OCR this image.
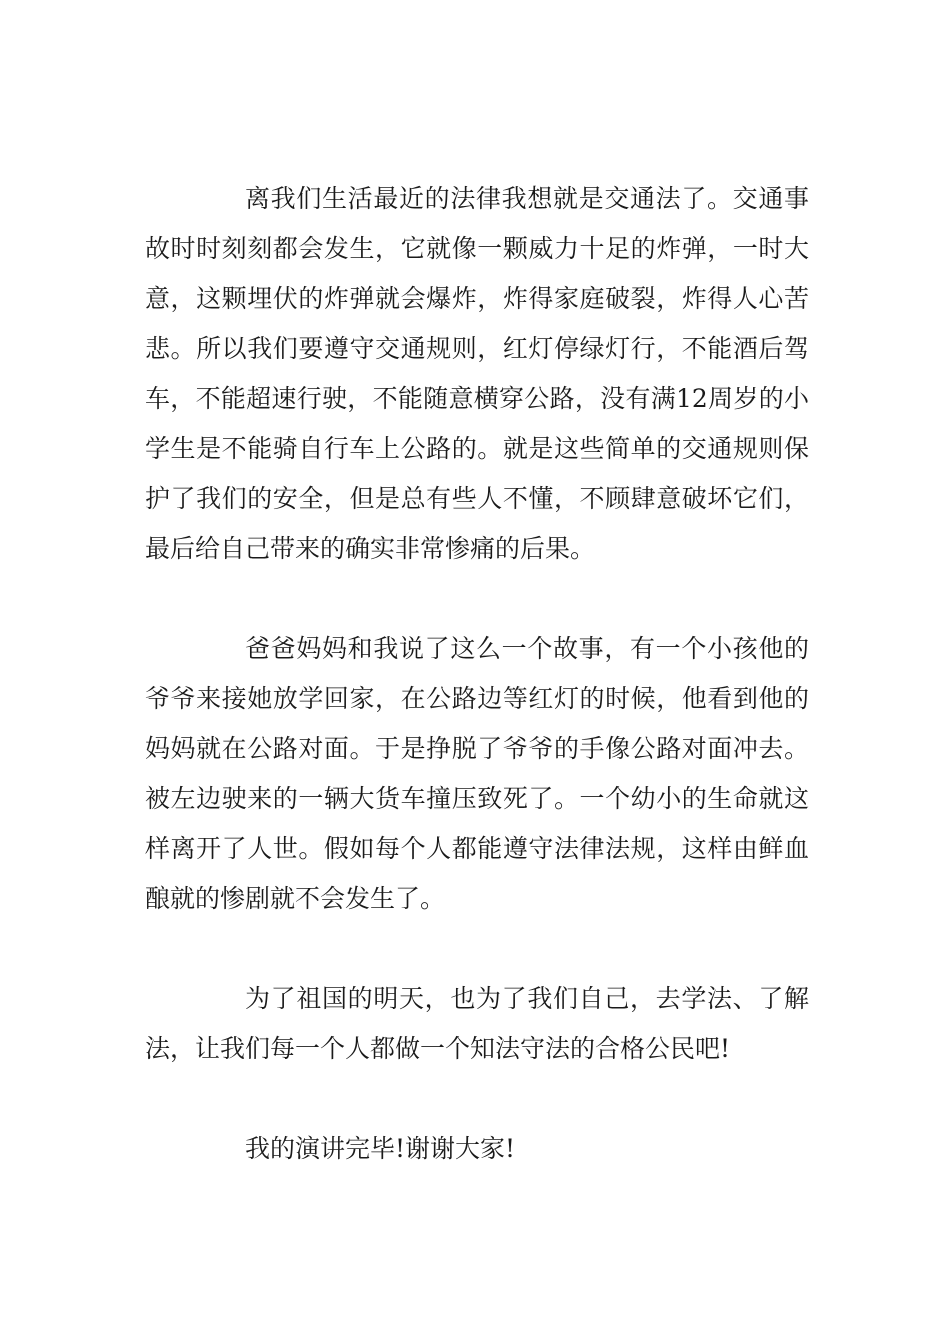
离我们生活最近的法律我想就是交通法了。交通事故时时刻刻都会发生，它就像一颗威力十足的炸弹，一时大意，这颗埋伏的炸弹就会爆炸，炸得家庭破裂，炸得人心苦悲。所以我们要遵守交通规则，红灯停绿灯行，不能酒后驾车，不能超速行驶，不能随意横穿公路，没有满12周岁的小学生是不能骑自行车上公路的。就是这些简单的交通规则保护了我们的安全，但是总有些人不懂，不顾肆意破坏它们，最后给自己带来的确实非常惨痛的后果。

爸爸妈妈和我说了这么一个故事，有一个小孩他的爷爷来接她放学回家，在公路边等红灯的时候，他看到他的妈妈就在公路对面。于是挣脱了爷爷的手像公路对面冲去。被左边驶来的一辆大货车撞压致死了。一个幼小的生命就这样离开了人世。假如每个人都能遵守法律法规，这样由鲜血酿就的惨剧就不会发生了。

为了祖国的明天，也为了我们自己，去学法、了解法，让我们每一个人都做一个知法守法的合格公民吧!

我的演讲完毕!谢谢大家!
